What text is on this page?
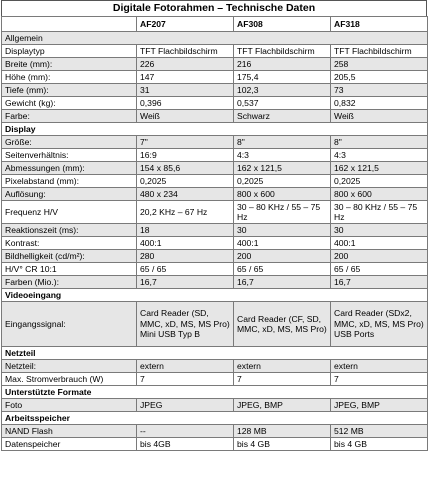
Digitale Fotorahmen – Technische Daten
	AF207	AF308	AF318
Allgemein			
Displaytyp	TFT Flachbildschirm	TFT Flachbildschirm	TFT Flachbildschirm
Breite (mm):	226	216	258
Höhe (mm):	147	175,4	205,5
Tiefe (mm):	31	102,3	73
Gewicht (kg):	0,396	0,537	0,832
Farbe:	Weiß	Schwarz	Weiß
Display			
Größe:	7"	8"	8"
Seitenverhältnis:	16:9	4:3	4:3
Abmessungen (mm):	154 x 85,6	162 x 121,5	162 x 121,5
Pixelabstand (mm):	0,2025	0,2025	0,2025
Auflösung:	480 x 234	800 x 600	800 x 600
Frequenz H/V	20,2 KHz – 67 Hz	30 – 80 KHz / 55 – 75 Hz	30 – 80 KHz / 55 – 75 Hz
Reaktionszeit (ms):	18	30	30
Kontrast:	400:1	400:1	400:1
Bildhelligkeit (cd/m²):	280	200	200
H/V° CR 10:1	65 / 65	65 / 65	65 / 65
Farben (Mio.):	16,7	16,7	16,7
Videoeingang			
Eingangssignal:	Card Reader (SD, MMC, xD, MS, MS Pro) Mini USB Typ B	Card Reader (CF, SD, MMC, xD, MS, MS Pro)	Card Reader (SDx2, MMC, xD, MS, MS Pro) USB Ports
Netzteil			
Netzteil:	extern	extern	extern
Max. Stromverbrauch (W)	7	7	7
Unterstützte Formate			
Foto	JPEG	JPEG, BMP	JPEG, BMP
Arbeitsspeicher			
NAND Flash	--	128 MB	512 MB
Datenspeicher	bis 4GB	bis 4 GB	bis 4 GB
